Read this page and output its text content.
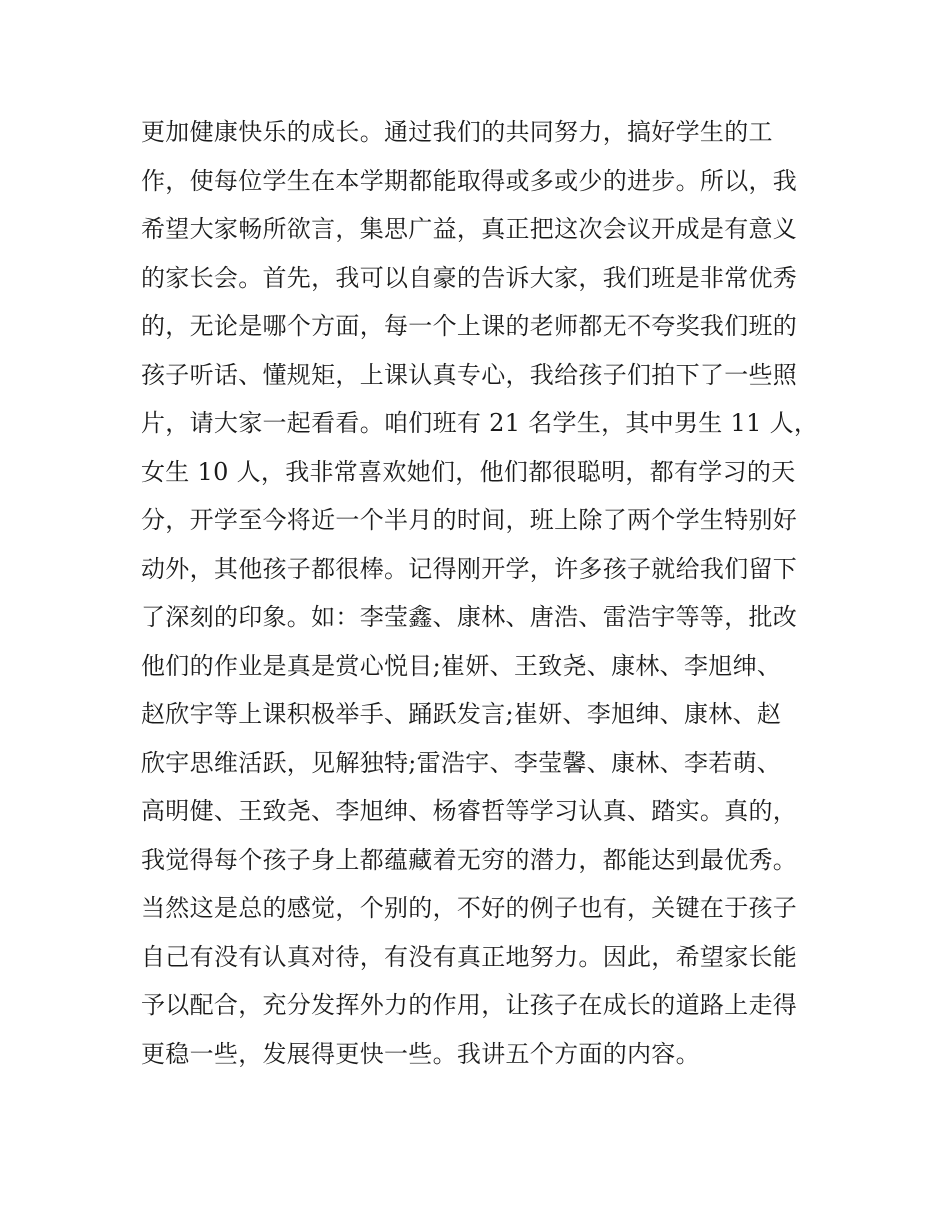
更加健康快乐的成长。通过我们的共同努力，搞好学生的工
作，使每位学生在本学期都能取得或多或少的进步。所以，我
希望大家畅所欲言，集思广益，真正把这次会议开成是有意义
的家长会。首先，我可以自豪的告诉大家，我们班是非常优秀
的，无论是哪个方面，每一个上课的老师都无不夸奖我们班的
孩子听话、懂规矩，上课认真专心，我给孩子们拍下了一些照
片，请大家一起看看。咱们班有 21 名学生，其中男生 11 人，
女生 10 人，我非常喜欢她们，他们都很聪明，都有学习的天
分，开学至今将近一个半月的时间，班上除了两个学生特别好
动外，其他孩子都很棒。记得刚开学，许多孩子就给我们留下
了深刻的印象。如：李莹鑫、康林、唐浩、雷浩宇等等，批改
他们的作业是真是赏心悦目;崔妍、王致尧、康林、李旭绅、
赵欣宇等上课积极举手、踊跃发言;崔妍、李旭绅、康林、赵
欣宇思维活跃，见解独特;雷浩宇、李莹馨、康林、李若萌、
高明健、王致尧、李旭绅、杨睿哲等学习认真、踏实。真的，
我觉得每个孩子身上都蕴藏着无穷的潜力，都能达到最优秀。
当然这是总的感觉，个别的，不好的例子也有，关键在于孩子
自己有没有认真对待，有没有真正地努力。因此，希望家长能
予以配合，充分发挥外力的作用，让孩子在成长的道路上走得
更稳一些，发展得更快一些。我讲五个方面的内容。
